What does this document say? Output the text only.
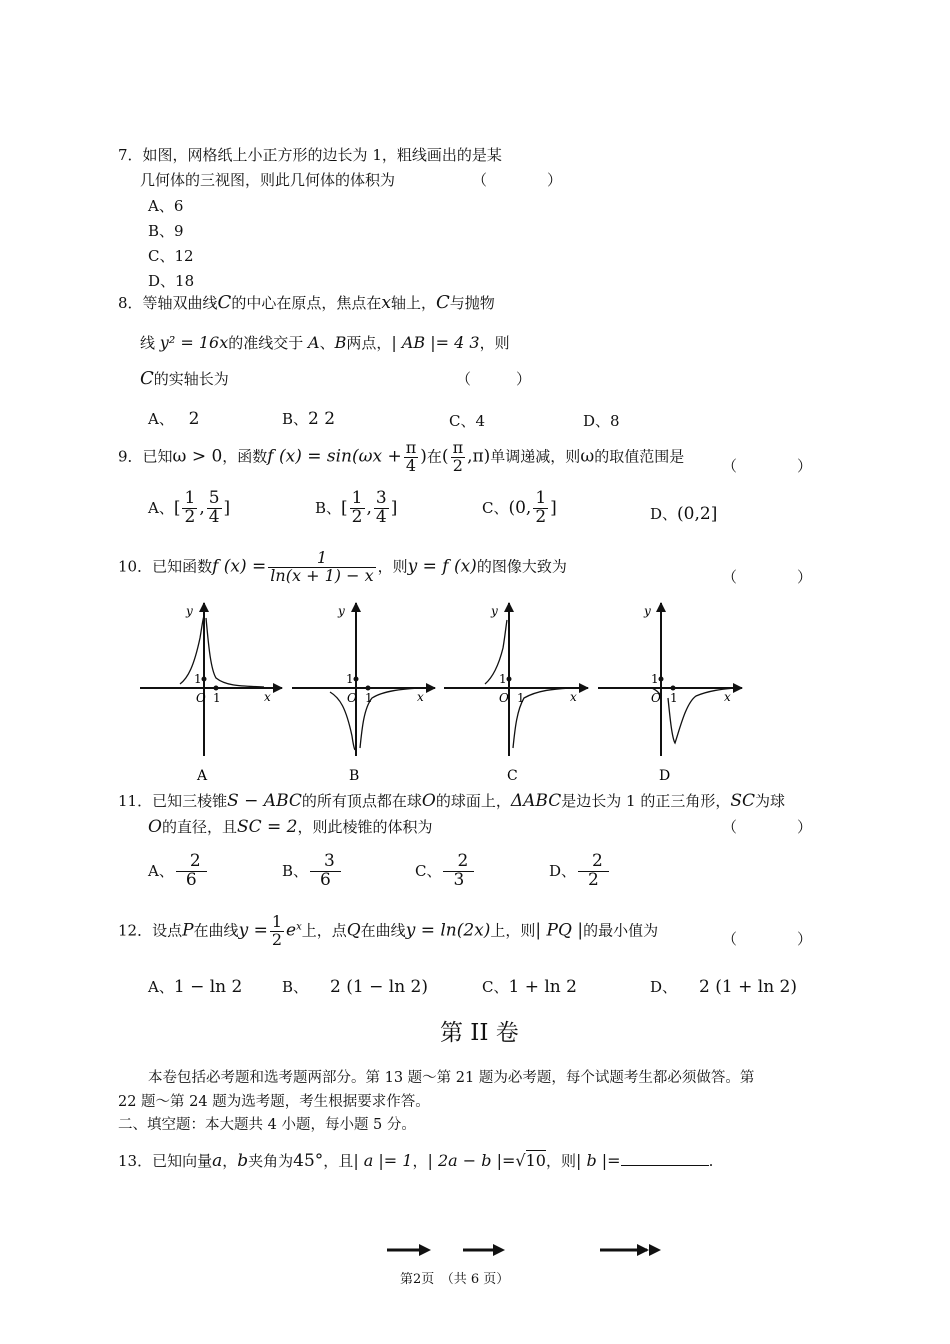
7．如图，网格纸上小正方形的边长为 1，粗线画出的是某
几何体的三视图，则此几何体的体积为	（　　　　）
A、6
B、9
C、12
D、18
8．等轴双曲线C的中心在原点，焦点在x轴上，C与抛物
线 y² = 16x的准线交于 A、B两点，| AB |= 4 3，则
C的实轴长为	（　　　）
A、 2	B、2 2	C、4	D、8
9．已知ω > 0，函数f $(x) = \sin(\omega x + \frac{\pi}{4}$ )在( $\frac{\pi}{2} ,\pi$)单调递减，则ω的取值范围是
（　　　　）
A、[ $\frac{1}{2}$ , $\frac{5}{4}$ ]	B、[ $\frac{1}{2}$ , $\frac{3}{4}$ ]	C、(0, $\frac{1}{2}$ ]	D、(0,2]
10．已知函数f $(x) = \frac{1}{\ln(x + 1) - x}$ ，则y = f (x)的图像大致为
（　　　　）
y
x
O
1
1
A
y
x
O
1
1
B
y
x
O
1
1
C
y
x
O
1
1
D
11．已知三棱锥S − ABC的所有顶点都在球O的球面上，ΔABC是边长为 1 的正三角形，SC为球
O的直径，且SC = 2，则此棱锥的体积为	（　　　　）
A、 $\frac{2}{6}$	B、 $\frac{3}{6}$	C、 $\frac{2}{3}$	D、 $\frac{2}{2}$
12．设点P在曲线$y = \frac{1}{2} e^x$上，点Q在曲线y = ln(2x)上，则| PQ |的最小值为	（　　　　）
A、1 − ln 2	B、 2 (1 − ln 2)	C、1 + ln 2	D、 2 (1 + ln 2)
第 II 卷
本卷包括必考题和选考题两部分。第 13 题～第 21 题为必考题，每个试题考生都必须做答。第
22 题～第 24 题为选考题，考生根据要求作答。
二、填空题：本大题共 4 小题，每小题 5 分。
13．已知向量a，b夹角为45°，且| a |= 1，| 2a − b |=√10，则| b |=	.
第2页　（共 6 页）
